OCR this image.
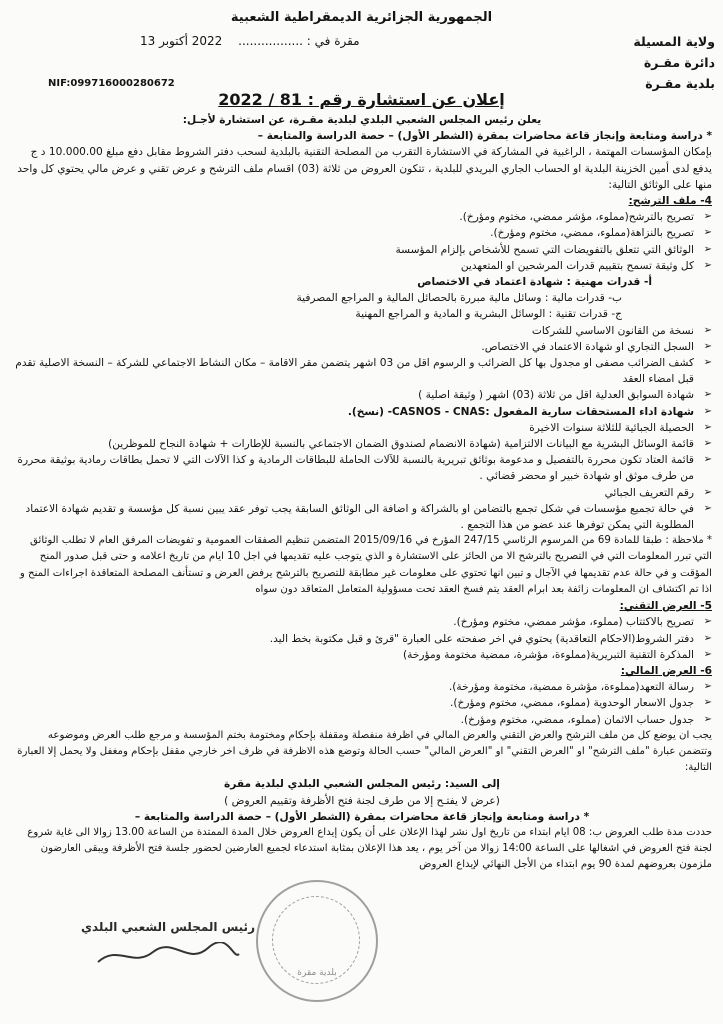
الجمهورية الجزائرية الديمقراطية الشعبية
مقرة في : ................. 2022 أكتوبر 13
NIF:099716000280672
ولاية المسيلة
دائرة مقـرة
بلدية مقـرة
إعلان عن استشارة رقم : 81 / 2022

يعلن رئيس المجلس الشعبي البلدي لبلدية مقـرة، عن استشارة لأجـل:

* دراسة ومتابعة وإنجاز قاعة محاضرات بمقرة (الشطر الأول) – حصة الدراسة والمتابعة –

بإمكان المؤسسات المهتمة ، الراغبية في المشاركة في الاستشارة التقرب من المصلحة التقنية بالبلدية لسحب دفتر الشروط مقابل دفع مبلغ 10.000.00 د ج يدفع لدى أمين الخزينة البلدية او الحساب الجاري البريدي للبلدية ، تتكون العروض من ثلاثة (03) اقسام ملف الترشح و عرض تقني و عرض مالي يحتوي كل واحد منها على الوثائق التالية:

4- ملف الترشح:

➢ تصريح بالترشح(مملوء، مؤشر ممضي، مختوم ومؤرخ).

➢ تصريح بالنزاهة(مملوء، ممضي، مختوم ومؤرخ).

➢ الوثائق التي تتعلق بالتفويضات التي تسمح للأشخاص بإلزام المؤسسة

➢ كل وثيقة تسمح بتقييم قدرات المرشحين او المتعهدين

أ- قدرات مهنية : شهادة اعتماد في الاختصاص

ب- قدرات مالية : وسائل مالية مبررة بالحصائل المالية و المراجع المصرفية

ج- قدرات تقنية : الوسائل البشرية و المادية و المراجع المهنية

➢ نسخة من القانون الاساسي للشركات

➢ السجل التجاري او شهادة الاعتماد في الاختصاص.

➢ كشف الضرائب مصفى او مجدول بها كل الضرائب و الرسوم اقل من 03 اشهر يتضمن مقر الاقامة – مكان النشاط الاجتماعي للشركة – النسخة الاصلية تقدم قبل امضاء العقد

➢ شهادة السوابق العدلية اقل من ثلاثة (03) اشهر ( وثيقة اصلية )

➢ شهادة اداء المستحقات سارية المفعول :CASNOS - CNAS- (نسخ).

➢ الحصيلة الجبائية للثلاثة سنوات الاخيرة

➢ قائمة الوسائل البشرية مع البيانات الالتزامية (شهادة الانضمام لصندوق الضمان الاجتماعي بالنسبة للإطارات + شهادة النجاح للموظرين)

➢ قائمة العتاد تكون محررة بالتفصيل و مدعومة بوثائق تبريرية بالنسبة للآلات الحاملة للبطاقات الرمادية و كذا الآلات التي لا تحمل بطاقات رمادية بوثيقة محررة من طرف موثق او شهادة خبير او محضر قضائي .

➢ رقم التعريف الجبائي

➢ في حالة تجميع مؤسسات في شكل تجمع بالتضامن او بالشراكة و اضافة الى الوثائق السابقة يجب توفر عقد يبين نسبة كل مؤسسة و تقديم شهادة الاعتماد المطلوبة التي يمكن توفرها عند عضو من هذا التجمع .

* ملاحظة : طبقا للمادة 69 من المرسوم الرئاسي 247/15 المؤرخ في 2015/09/16 المتضمن تنظيم الصفقات العمومية و تفويضات المرفق العام لا تطلب الوثائق التي تبرر المعلومات التي في التصريح بالترشح الا من الحائز على الاستشارة و الذي يتوجب عليه تقديمها في اجل 10 ايام من تاريخ اعلامه و حتى قبل صدور المنح المؤقت و في حالة عدم تقديمها في الآجال و تبين انها تحتوي على معلومات غير مطابقة للتصريح بالترشح يرفض العرض و تستأنف المصلحة المتعاقدة اجراءات المنح و اذا تم اكتشاف ان المعلومات زائفة بعد ابرام العقد يتم فسخ العقد تحت مسؤولية المتعامل المتعاقد دون سواه

5- العرض التقني:

➢ تصريح بالاكتتاب (مملوء، مؤشر ممضي، مختوم ومؤرخ).

➢ دفتر الشروط(الاحكام التعاقدية) يحتوي في اخر صفحته على العبارة "قرئ و قبل مكتوبة بخط اليد.

➢ المذكرة التقنية التبريرية(مملوءة، مؤشرة، ممضية مختومة ومؤرخة)

6- العرض المالي:

➢ رسالة التعهد(مملوءة، مؤشرة ممضية، مختومة ومؤرخة).

➢ جدول الاسعار الوحدوية (مملوء، ممضي، مختوم ومؤرخ).

➢ جدول حساب الاثمان (مملوء، ممضي، مختوم ومؤرخ).

يجب ان يوضع كل من ملف الترشح والعرض التقني والعرض المالي في اظرفة منفصلة ومقفلة بإحكام ومختومة بختم المؤسسة و مرجع طلب العرض وموضوعه وتتضمن عبارة "ملف الترشح" او "العرض التقني" او "العرض المالي" حسب الحالة وتوضع هذه الاظرفة في ظرف اخر خارجي مقفل بإحكام ومغفل ولا يحمل إلا العبارة التالية:

إلى السيد: رئيس المجلس الشعبي البلدي لبلدية مقرة

(عرض لا يفتـح إلا من طرف لجنة فتح الأظرفة وتقييم العروض )

* دراسة ومتابعة وإنجاز قاعة محاضرات بمقرة (الشطر الأول) – حصة الدراسة والمتابعة –

حددت مدة طلب العروض ب: 08 ايام ابتداء من تاريخ اول نشر لهذا الإعلان على أن يكون إيداع العروض خلال المدة الممتدة من الساعة 13.00 زوالا الى غاية شروع لجنة فتح العروض في اشغالها على الساعة 14:00 زوالا من آخر يوم ، يعد هذا الإعلان بمثابة استدعاء لجميع العارضين لحضور جلسة فتح الأظرفة ويبقى العارضون ملزمون بعروضهم لمدة 90 يوم ابتداء من الأجل النهائي لإيداع العروض

رئيس المجلس الشعبي البلدي
بلدية مقرة
